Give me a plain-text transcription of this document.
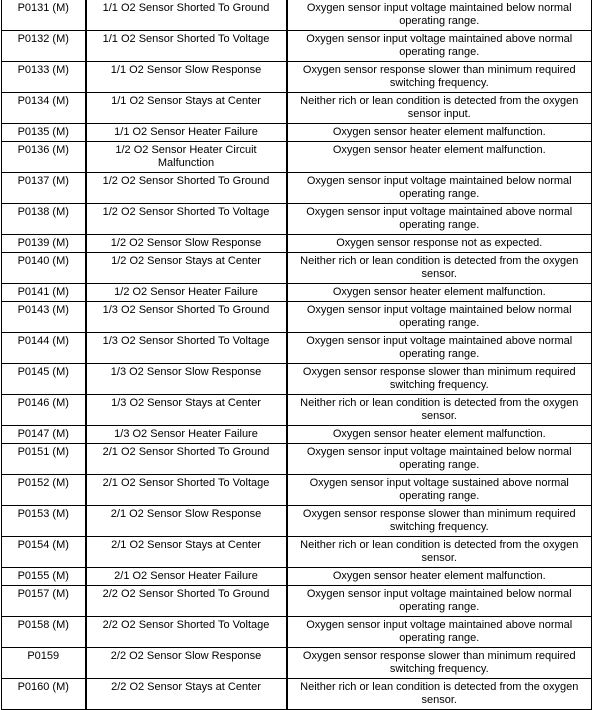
P0131 (M)	1/1 O2 Sensor Shorted To Ground	Oxygen sensor input voltage maintained below normal operating range.
P0132 (M)	1/1 O2 Sensor Shorted To Voltage	Oxygen sensor input voltage maintained above normal operating range.
P0133 (M)	1/1 O2 Sensor Slow Response	Oxygen sensor response slower than minimum required switching frequency.
P0134 (M)	1/1 O2 Sensor Stays at Center	Neither rich or lean condition is detected from the oxygen sensor input.
P0135 (M)	1/1 O2 Sensor Heater Failure	Oxygen sensor heater element malfunction.
P0136 (M)	1/2 O2 Sensor Heater Circuit Malfunction	Oxygen sensor heater element malfunction.
P0137 (M)	1/2 O2 Sensor Shorted To Ground	Oxygen sensor input voltage maintained below normal operating range.
P0138 (M)	1/2 O2 Sensor Shorted To Voltage	Oxygen sensor input voltage maintained above normal operating range.
P0139 (M)	1/2 O2 Sensor Slow Response	Oxygen sensor response not as expected.
P0140 (M)	1/2 O2 Sensor Stays at Center	Neither rich or lean condition is detected from the oxygen sensor.
P0141 (M)	1/2 O2 Sensor Heater Failure	Oxygen sensor heater element malfunction.
P0143 (M)	1/3 O2 Sensor Shorted To Ground	Oxygen sensor input voltage maintained below normal operating range.
P0144 (M)	1/3 O2 Sensor Shorted To Voltage	Oxygen sensor input voltage maintained above normal operating range.
P0145 (M)	1/3 O2 Sensor Slow Response	Oxygen sensor response slower than minimum required switching frequency.
P0146 (M)	1/3 O2 Sensor Stays at Center	Neither rich or lean condition is detected from the oxygen sensor.
P0147 (M)	1/3 O2 Sensor Heater Failure	Oxygen sensor heater element malfunction.
P0151 (M)	2/1 O2 Sensor Shorted To Ground	Oxygen sensor input voltage maintained below normal operating range.
P0152 (M)	2/1 O2 Sensor Shorted To Voltage	Oxygen sensor input voltage sustained above normal operating range.
P0153 (M)	2/1 O2 Sensor Slow Response	Oxygen sensor response slower than minimum required switching frequency.
P0154 (M)	2/1 O2 Sensor Stays at Center	Neither rich or lean condition is detected from the oxygen sensor.
P0155 (M)	2/1 O2 Sensor Heater Failure	Oxygen sensor heater element malfunction.
P0157 (M)	2/2 O2 Sensor Shorted To Ground	Oxygen sensor input voltage maintained below normal operating range.
P0158 (M)	2/2 O2 Sensor Shorted To Voltage	Oxygen sensor input voltage maintained above normal operating range.
P0159	2/2 O2 Sensor Slow Response	Oxygen sensor response slower than minimum required switching frequency.
P0160 (M)	2/2 O2 Sensor Stays at Center	Neither rich or lean condition is detected from the oxygen sensor.
